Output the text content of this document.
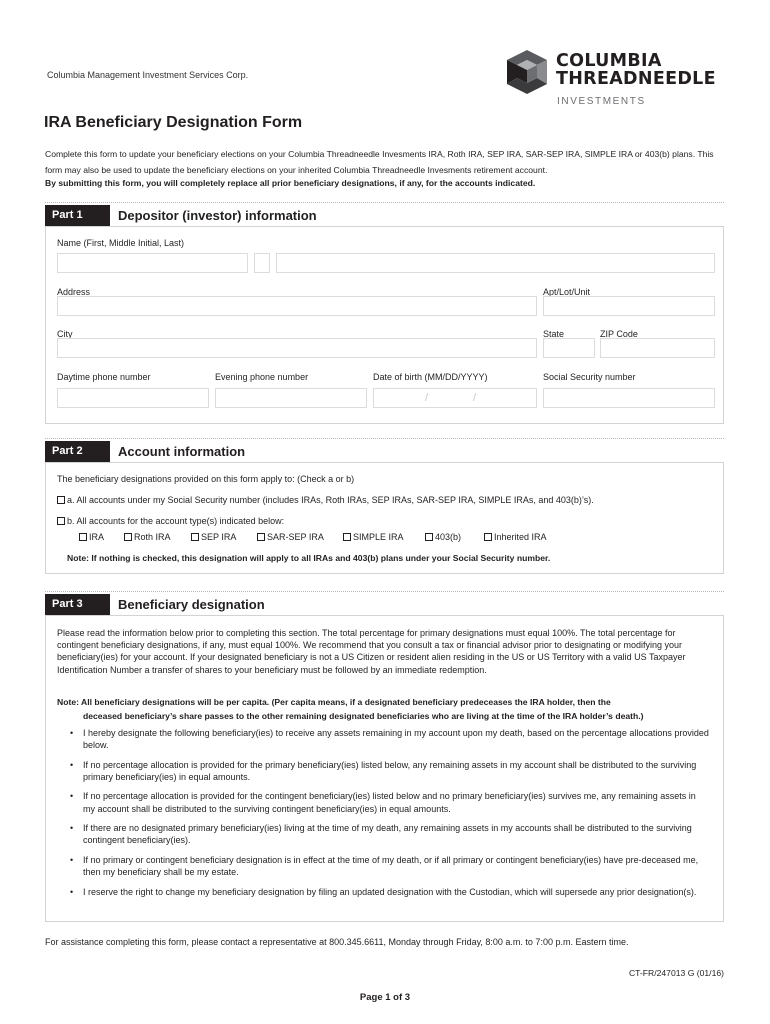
Columbia Management Investment Services Corp.
COLUMBIA
THREADNEEDLE
INVESTMENTS
IRA Beneficiary Designation Form
Complete this form to update your beneficiary elections on your Columbia Threadneedle Invesments IRA, Roth IRA, SEP IRA, SAR-SEP IRA, SIMPLE IRA or 403(b) plans. This form may also be used to update the beneficiary elections on your inherited Columbia Threadneedle Invesments retirement account.
By submitting this form, you will completely replace all prior beneficiary designations, if any, for the accounts indicated.
Part 1	Depositor (investor) information
Name (First, Middle Initial, Last)
Address	Apt/Lot/Unit
City	State	ZIP Code
Daytime phone number	Evening phone number	Date of birth (MM/DD/YYYY)	Social Security number
/	/
Part 2	Account information
The beneficiary designations provided on this form apply to: (Check a or b)
a. All accounts under my Social Security number (includes IRAs, Roth IRAs, SEP IRAs, SAR-SEP IRA, SIMPLE IRAs, and 403(b)’s).
b. All accounts for the account type(s) indicated below:
IRA	Roth IRA	SEP IRA	SAR-SEP IRA	SIMPLE IRA	403(b)	Inherited IRA
Note: If nothing is checked, this designation will apply to all IRAs and 403(b) plans under your Social Security number.
Part 3	Beneficiary designation
Please read the information below prior to completing this section. The total percentage for primary designations must equal 100%. The total percentage for contingent beneficiary designations, if any, must equal 100%. We recommend that you consult a tax or financial advisor prior to designating or modifying your beneficiary(ies) for your account. If your designated beneficiary is not a US Citizen or resident alien residing in the US or US Territory with a valid US Taxpayer Identification Number a transfer of shares to your beneficiary must be followed by an immediate redemption.
Note: All beneficiary designations will be per capita. (Per capita means, if a designated beneficiary predeceases the IRA holder, then the
deceased beneficiary’s share passes to the other remaining designated beneficiaries who are living at the time of the IRA holder’s death.)
• I hereby designate the following beneficiary(ies) to receive any assets remaining in my account upon my death, based on the percentage allocations provided below.
• If no percentage allocation is provided for the primary beneficiary(ies) listed below, any remaining assets in my account shall be distributed to the surviving primary beneficiary(ies) in equal amounts.
• If no percentage allocation is provided for the contingent beneficiary(ies) listed below and no primary beneficiary(ies) survives me, any remaining assets in my account shall be distributed to the surviving contingent beneficiary(ies) in equal amounts.
• If there are no designated primary beneficiary(ies) living at the time of my death, any remaining assets in my accounts shall be distributed to the surviving contingent beneficiary(ies).
• If no primary or contingent beneficiary designation is in effect at the time of my death, or if all primary or contingent beneficiary(ies) have pre-deceased me, then my beneficiary shall be my estate.
• I reserve the right to change my beneficiary designation by filing an updated designation with the Custodian, which will supersede any prior designation(s).
For assistance completing this form, please contact a representative at 800.345.6611, Monday through Friday, 8:00 a.m. to 7:00 p.m. Eastern time.
CT-FR/247013 G (01/16)
Page 1 of 3
